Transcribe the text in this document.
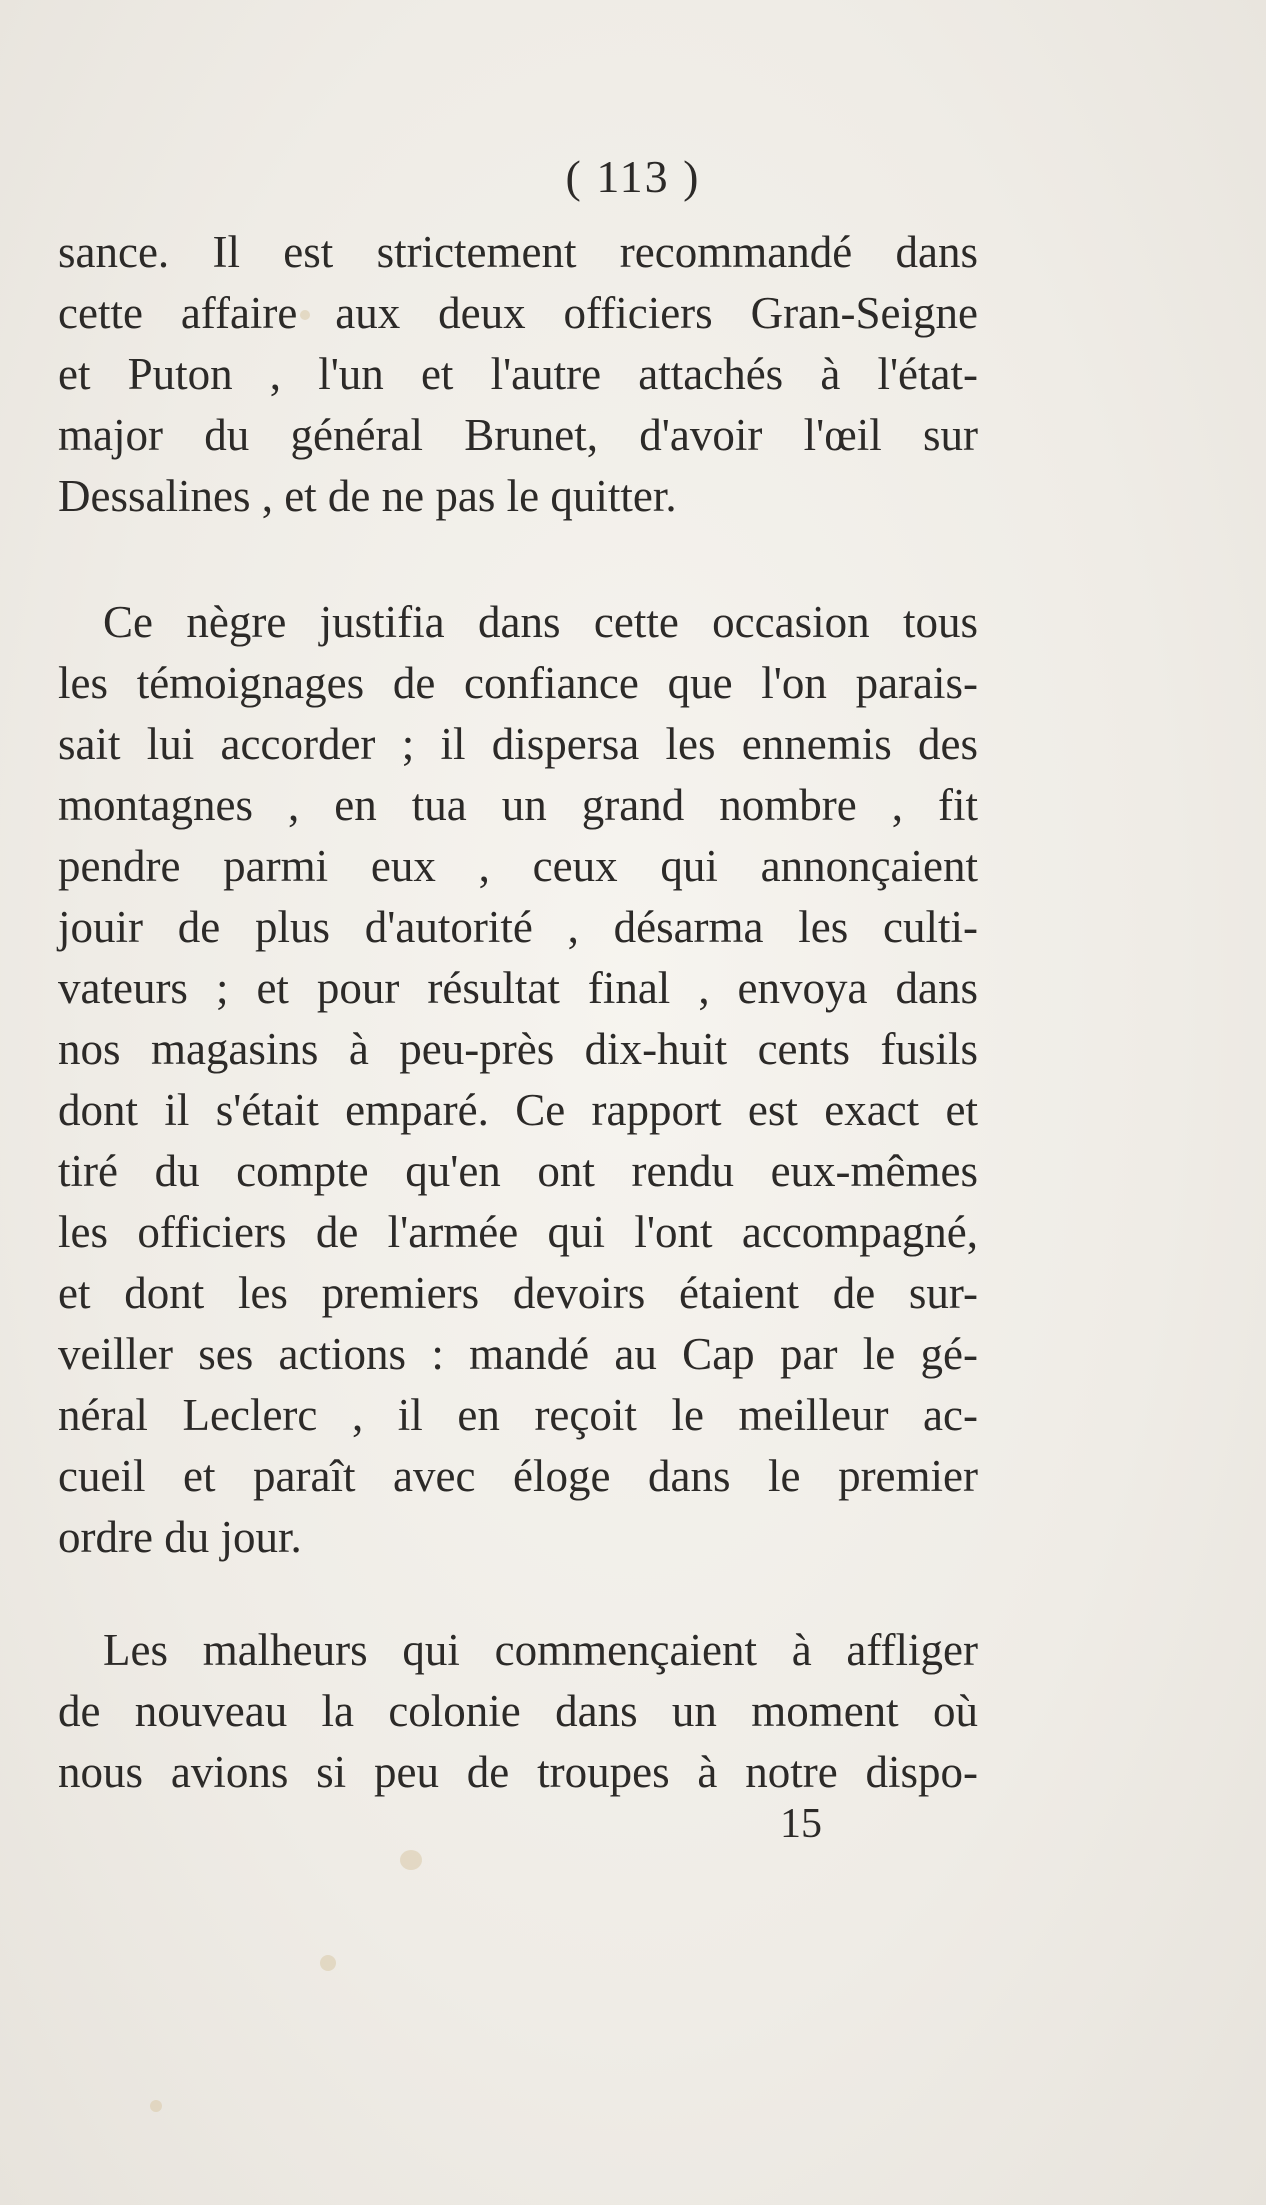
( 113 )
sance. Il est strictement recommandé dans
cette affaire aux deux officiers Gran-Seigne
et Puton , l'un et l'autre attachés à l'état-
major du général Brunet, d'avoir l'œil sur
Dessalines , et de ne pas le quitter.
Ce nègre justifia dans cette occasion tous
les témoignages de confiance que l'on parais-
sait lui accorder ; il dispersa les ennemis des
montagnes , en tua un grand nombre , fit
pendre parmi eux , ceux qui annonçaient
jouir de plus d'autorité , désarma les culti-
vateurs ; et pour résultat final , envoya dans
nos magasins à peu-près dix-huit cents fusils
dont il s'était emparé. Ce rapport est exact et
tiré du compte qu'en ont rendu eux-mêmes
les officiers de l'armée qui l'ont accompagné,
et dont les premiers devoirs étaient de sur-
veiller ses actions : mandé au Cap par le gé-
néral Leclerc , il en reçoit le meilleur ac-
cueil et paraît avec éloge dans le premier
ordre du jour.
Les malheurs qui commençaient à affliger
de nouveau la colonie dans un moment où
nous avions si peu de troupes à notre dispo-
15
